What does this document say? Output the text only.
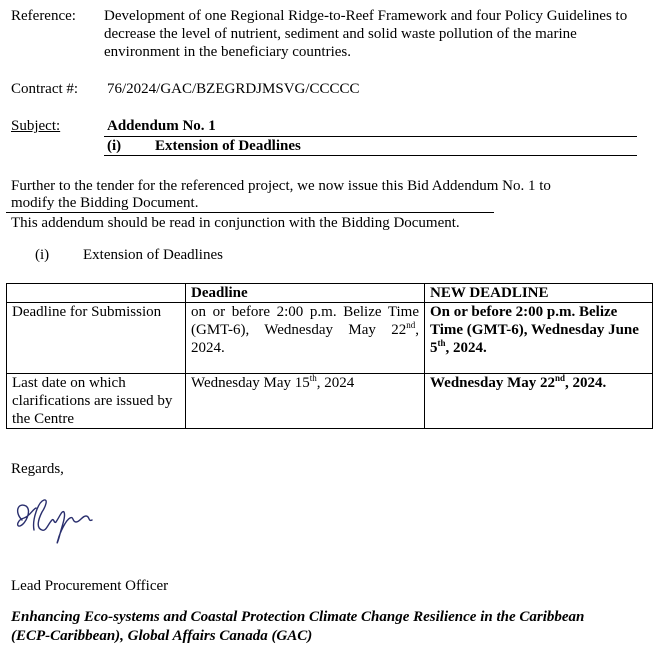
Reference: Development of one Regional Ridge-to-Reef Framework and four Policy Guidelines to decrease the level of nutrient, sediment and solid waste pollution of the marine environment in the beneficiary countries.
Contract #: 76/2024/GAC/BZEGRDJMSVG/CCCCC
Subject:	Addendum No. 1
(i) Extension of Deadlines
Further to the tender for the referenced project, we now issue this Bid Addendum No. 1 to
modify the Bidding Document.
This addendum should be read in conjunction with the Bidding Document.
(i) Extension of Deadlines
	Deadline	NEW DEADLINE
Deadline for Submission	on or before 2:00 p.m. Belize Time (GMT-6), Wednesday May 22nd, 2024.	On or before 2:00 p.m. Belize Time (GMT-6), Wednesday June 5th, 2024.
Last date on which clarifications are issued by the Centre	Wednesday May 15th, 2024	Wednesday May 22nd, 2024.
Regards,
Lead Procurement Officer
Enhancing Eco-systems and Coastal Protection Climate Change Resilience in the Caribbean
(ECP-Caribbean), Global Affairs Canada (GAC)
